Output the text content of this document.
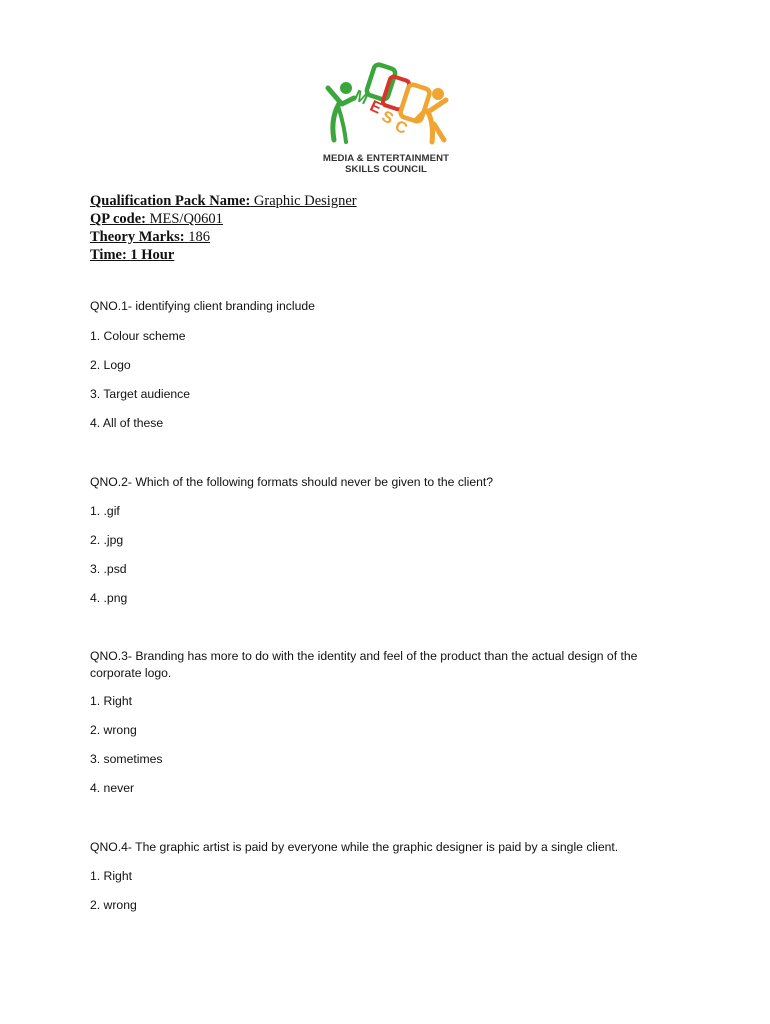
M
E
S
C
MEDIA & ENTERTAINMENT
SKILLS COUNCIL
Qualification Pack Name: Graphic Designer
QP code: MES/Q0601
Theory Marks: 186
Time: 1 Hour
QNO.1- identifying client branding include
1. Colour scheme
2. Logo
3. Target audience
4. All of these
QNO.2- Which of the following formats should never be given to the client?
1. .gif
2. .jpg
3. .psd
4. .png
QNO.3- Branding has more to do with the identity and feel of the product than the actual design of the corporate logo.
1. Right
2. wrong
3. sometimes
4. never
QNO.4- The graphic artist is paid by everyone while the graphic designer is paid by a single client.
1. Right
2. wrong
